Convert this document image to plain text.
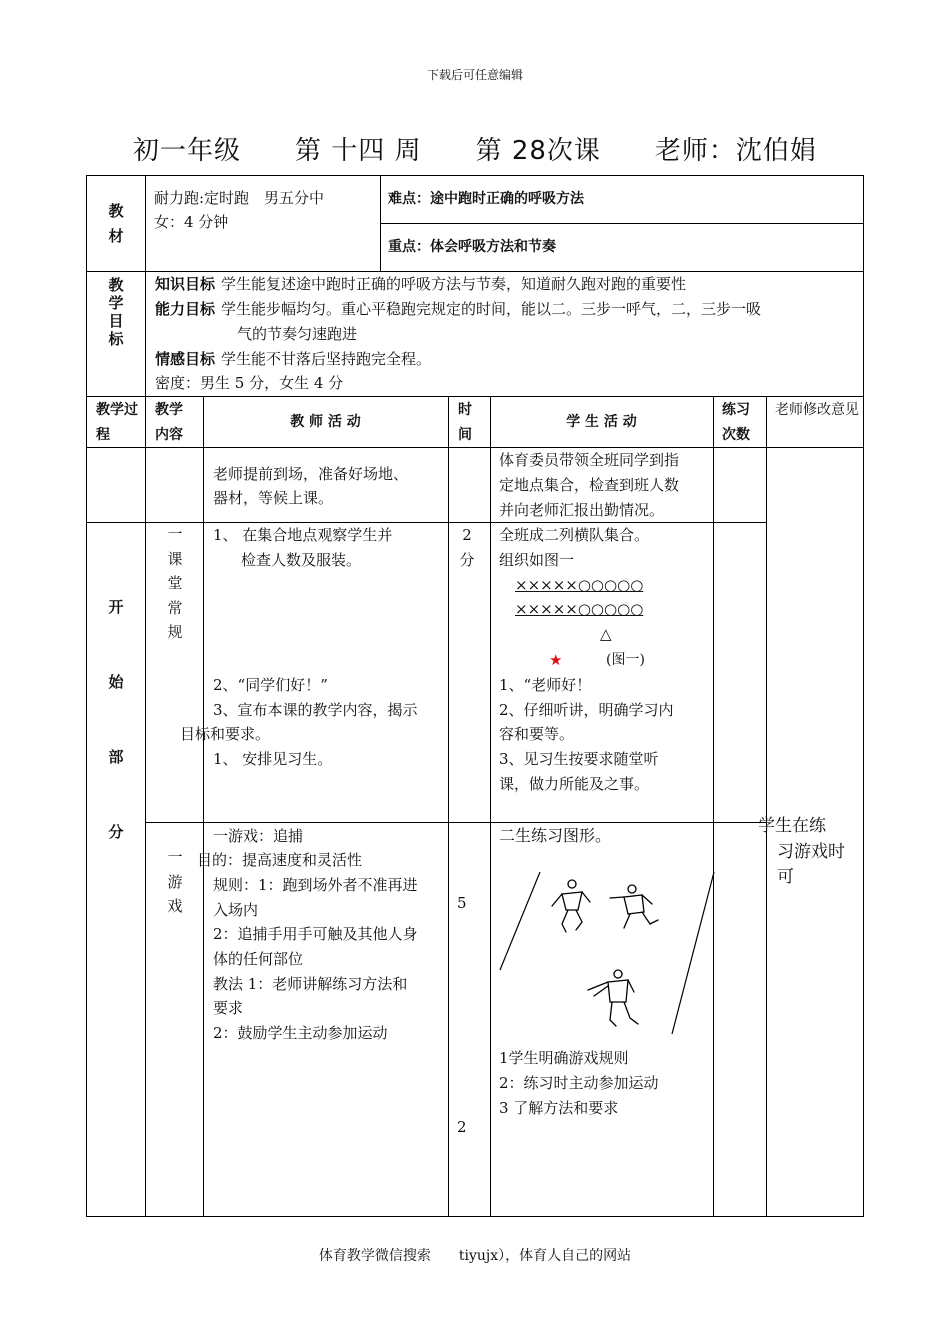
下载后可任意编辑
初一年级　　第 十四 周　　第 28次课　　老师：沈伯娟
教材
耐力跑:定时跑　男五分中
女：4 分钟
难点：途中跑时正确的呼吸方法
重点：体会呼吸方法和节奏
教学目标
知识目标 学生能复述途中跑时正确的呼吸方法与节奏，知道耐久跑对跑的重要性
能力目标 学生能步幅均匀。重心平稳跑完规定的时间，能以二。三步一呼气，二，三步一吸
气的节奏匀速跑进
情感目标 学生能不甘落后坚持跑完全程。
密度：男生 5 分，女生 4 分
教学过程
教学内容
教 师 活 动
时间
学 生 活 动
练习次数
老师修改意见
老师提前到场，准备好场地、
器材，等候上课。
体育委员带领全班同学到指
定地点集合，检查到班人数
并向老师汇报出勤情况。
开始部分
一课堂常规
1、 在集合地点观察学生并
检查人数及服装。
2、“同学们好！”
3、宣布本课的教学内容，揭示
目标和要求。
1、 安排见习生。
2分
全班成二列横队集合。
组织如图一
×××××○○○○○
×××××○○○○○
△
★	(图一)
1、“老师好！
2、仔细听讲，明确学习内
容和要等。
3、见习生按要求随堂听
课，做力所能及之事。
一游戏
一游戏：追捕
目的：提高速度和灵活性
规则：1：跑到场外者不准再进
入场内
2：追捕手用手可触及其他人身
体的任何部位
教法 1：老师讲解练习方法和
要求
2：鼓励学生主动参加运动
5
2
二生练习图形。
1学生明确游戏规则
2：练习时主动参加运动
3 了解方法和要求
学生在练
习游戏时
可
体育教学微信搜索　　tiyujx），体育人自己的网站
